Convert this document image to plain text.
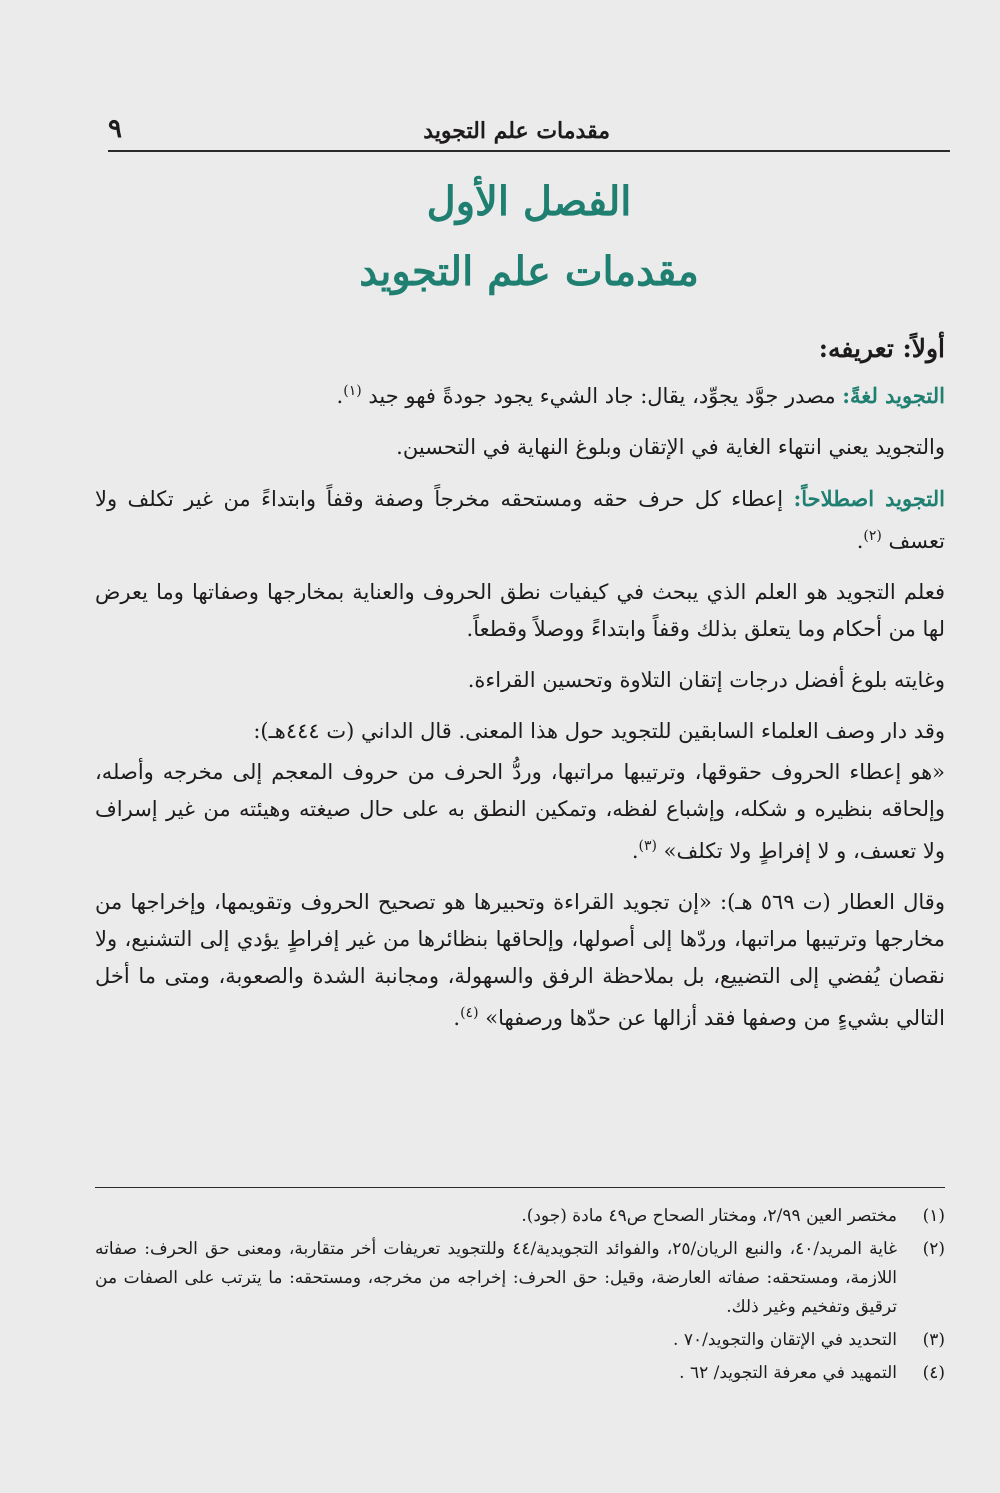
مقدمات علم التجويد
٩
الفصل الأول
مقدمات علم التجويد
أولاً: تعريفه:

التجويد لغةً: مصدر جوَّد يجوِّد، يقال: جاد الشيء يجود جودةً فهو جيد $^{(١)}$.

والتجويد يعني انتهاء الغاية في الإتقان وبلوغ النهاية في التحسين.

التجويد اصطلاحاً: إعطاء كل حرف حقه ومستحقه مخرجاً وصفة وقفاً وابتداءً من غير تكلف ولا تعسف $^{(٢)}$.

فعلم التجويد هو العلم الذي يبحث في كيفيات نطق الحروف والعناية بمخارجها وصفاتها وما يعرض لها من أحكام وما يتعلق بذلك وقفاً وابتداءً ووصلاً وقطعاً.

وغايته بلوغ أفضل درجات إتقان التلاوة وتحسين القراءة.

وقد دار وصف العلماء السابقين للتجويد حول هذا المعنى. قال الداني (ت ٤٤٤هـ):

«هو إعطاء الحروف حقوقها، وترتيبها مراتبها، وردُّ الحرف من حروف المعجم إلى مخرجه وأصله، وإلحاقه بنظيره و شكله، وإشباع لفظه، وتمكين النطق به على حال صيغته وهيئته من غير إسراف ولا تعسف، و لا إفراطٍ ولا تكلف» $^{(٣)}$.

وقال العطار (ت ٥٦٩ هـ): «إن تجويد القراءة وتحبيرها هو تصحيح الحروف وتقويمها، وإخراجها من مخارجها وترتيبها مراتبها، وردّها إلى أصولها، وإلحاقها بنظائرها من غير إفراطٍ يؤدي إلى التشنيع، ولا نقصان يُفضي إلى التضييع، بل بملاحظة الرفق والسهولة، ومجانبة الشدة والصعوبة، ومتى ما أخل التالي بشيءٍ من وصفها فقد أزالها عن حدّها ورصفها» $^{(٤)}$.

(١)
مختصر العين ٢/٩٩، ومختار الصحاح ص٤٩ مادة (جود).
(٢)
غاية المريد/٤٠، والنبع الريان/٢٥، والفوائد التجويدية/٤٤ وللتجويد تعريفات أخر متقاربة، ومعنى حق الحرف: صفاته اللازمة، ومستحقه: صفاته العارضة، وقيل: حق الحرف: إخراجه من مخرجه، ومستحقه: ما يترتب على الصفات من ترقيق وتفخيم وغير ذلك.
(٣)
التحديد في الإتقان والتجويد/٧٠ .
(٤)
التمهيد في معرفة التجويد/ ٦٢ .
